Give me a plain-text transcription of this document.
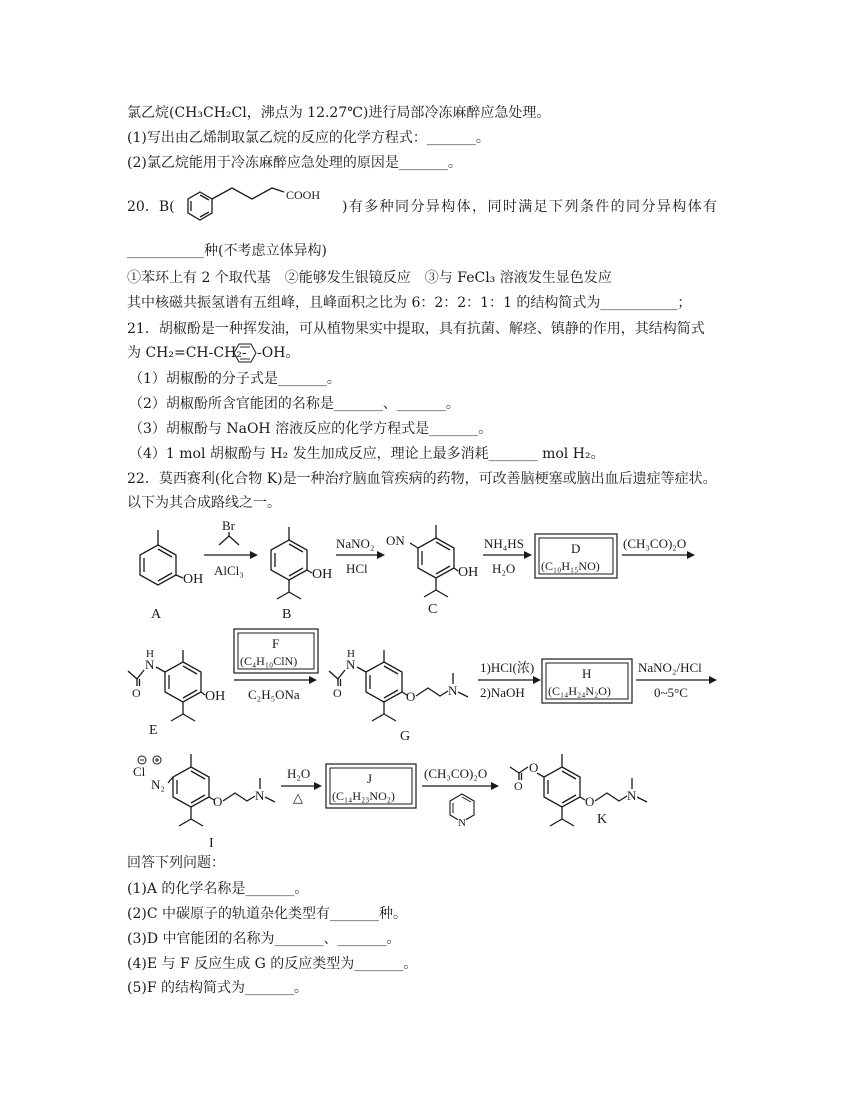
氯乙烷(CH₃CH₂Cl，沸点为 12.27℃)进行局部冷冻麻醉应急处理。
(1)写出由乙烯制取氯乙烷的反应的化学方程式：_______。
(2)氯乙烷能用于冷冻麻醉应急处理的原因是_______。
20．B(
COOH
)有多种同分异构体，同时满足下列条件的同分异构体有
___________种(不考虑立体异构)
①苯环上有 2 个取代基　②能够发生银镜反应　③与 FeCl₃ 溶液发生显色发应
其中核磁共振氢谱有五组峰，且峰面积之比为 6：2：2：1：1 的结构简式为___________；
21．胡椒酚是一种挥发油，可从植物果实中提取，具有抗菌、解痉、镇静的作用，其结构简式
为 CH₂=CH-CH₂- -OH。
（1）胡椒酚的分子式是_______。
（2）胡椒酚所含官能团的名称是_______、_______。
（3）胡椒酚与 NaOH 溶液反应的化学方程式是_______。
（4）1 mol 胡椒酚与 H₂ 发生加成反应，理论上最多消耗_______ mol H₂。
22．莫西赛利(化合物 K)是一种治疗脑血管疾病的药物，可改善脑梗塞或脑出血后遗症等症状。
以下为其合成路线之一。
OH
A
Br
AlCl₃	OH
B
NaNO₂
HCl
ON
OH
C
NH₄HS
H₂O
D
(C₁₀H₁₅NO)
(CH₃CO)₂O
N
H
O	OH
E
F
(C₄H₁₀ClN)
C₂H₅ONa
N
H
O	O	N
G
1)HCl(浓)
2)NaOH
H
(C₁₄H₂₄N₂O)
NaNO₂/HCl
0~5°C
Cl
N₂
O	N
I
H₂O
△
J
(C₁₄H₂₃NO₂)
(CH₃CO)₂O
N
O
O
O	N
K
回答下列问题：
(1)A 的化学名称是_______。
(2)C 中碳原子的轨道杂化类型有_______种。
(3)D 中官能团的名称为_______、_______。
(4)E 与 F 反应生成 G 的反应类型为_______。
(5)F 的结构简式为_______。
